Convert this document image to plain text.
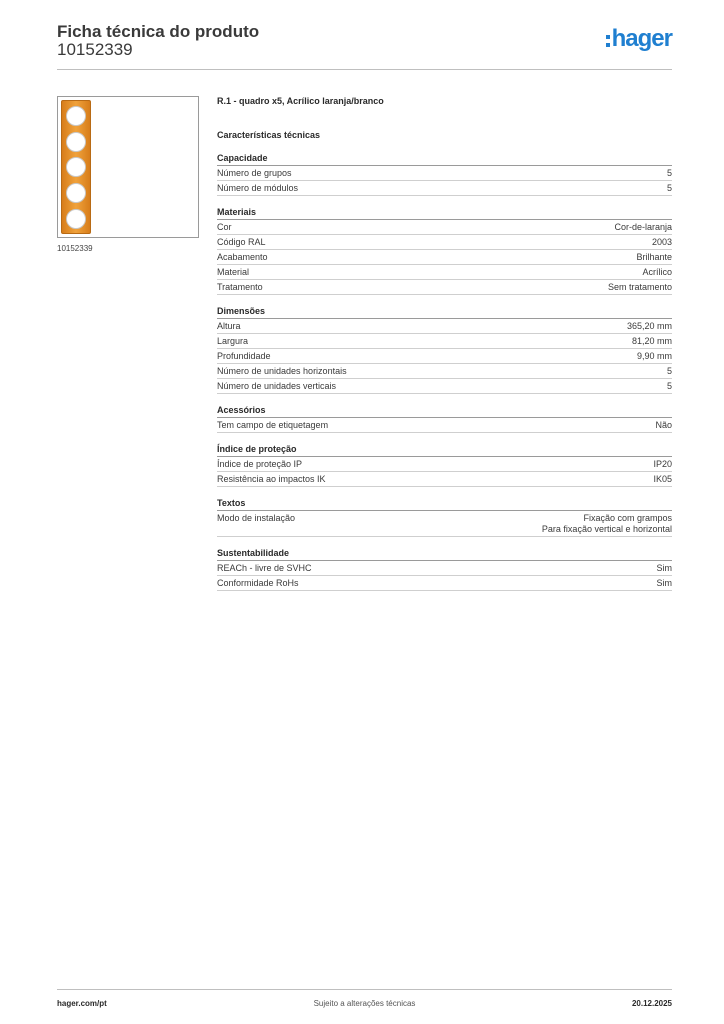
Ficha técnica do produto
10152339	hager
10152339
R.1 - quadro x5, Acrílico laranja/branco
Características técnicas
Capacidade
Número de grupos	5
Número de módulos	5
Materiais
Cor	Cor-de-laranja
Código RAL	2003
Acabamento	Brilhante
Material	Acrílico
Tratamento	Sem tratamento
Dimensões
Altura	365,20 mm
Largura	81,20 mm
Profundidade	9,90 mm
Número de unidades horizontais	5
Número de unidades verticais	5
Acessórios
Tem campo de etiquetagem	Não
Índice de proteção
Índice de proteção IP	IP20
Resistência ao impactos IK	IK05
Textos
Modo de instalação	Fixação com grampos
Para fixação vertical e horizontal
Sustentabilidade
REACh - livre de SVHC	Sim
Conformidade RoHs	Sim
hager.com/pt	Sujeito a alterações técnicas	20.12.2025
